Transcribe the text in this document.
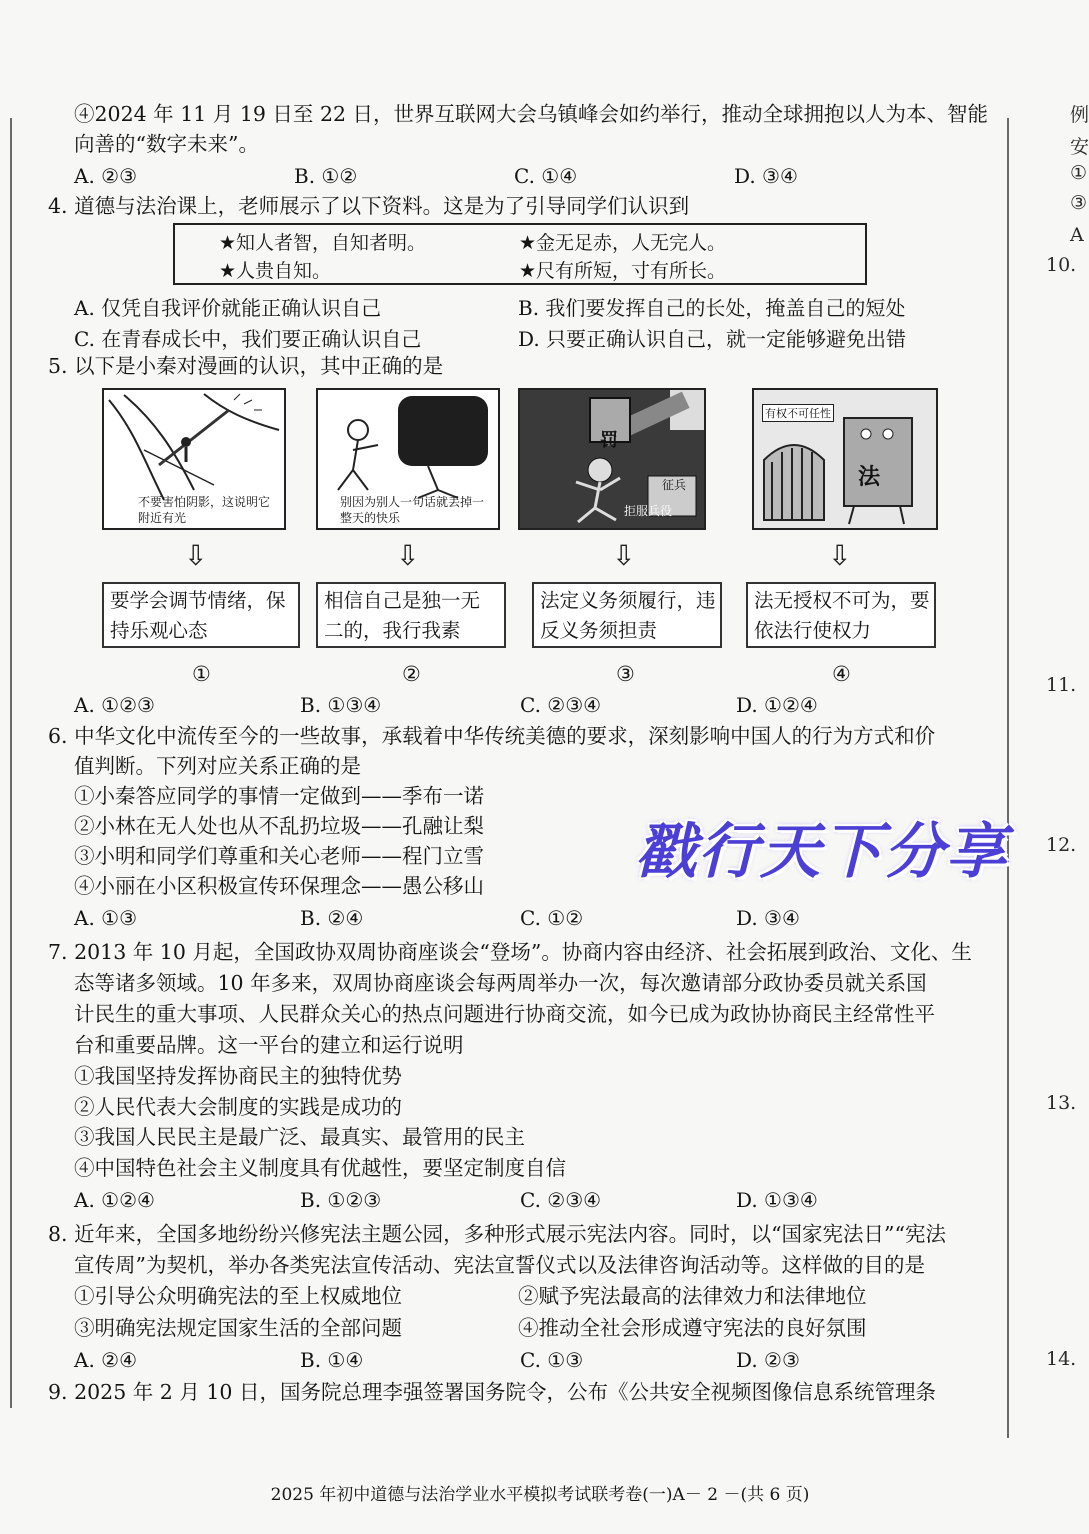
例
安
①
③
A
10.
11.
12.
13.
14.
④2024 年 11 月 19 日至 22 日，世界互联网大会乌镇峰会如约举行，推动全球拥抱以人为本、智能
向善的“数字未来”。
A. ②③	B. ①②	C. ①④	D. ③④
4. 道德与法治课上，老师展示了以下资料。这是为了引导同学们认识到
★知人者智，自知者明。	★金无足赤，人无完人。
★人贵自知。	★尺有所短，寸有所长。
A. 仅凭自我评价就能正确认识自己	B. 我们要发挥自己的长处，掩盖自己的短处
C. 在青春成长中，我们要正确认识自己	D. 只要正确认识自己，就一定能够避免出错
5. 以下是小秦对漫画的认识，其中正确的是
不要害怕阴影，这说明它附近有光
别因为别人一句话就丢掉一整天的快乐
罚
拒服兵役
征兵
有权不可任性
法
⇩	⇩	⇩	⇩
要学会调节情绪，保
持乐观心态
相信自己是独一无
二的，我行我素
法定义务须履行，违
反义务须担责
法无授权不可为，要
依法行使权力
①	②	③	④
A. ①②③	B. ①③④	C. ②③④	D. ①②④
6. 中华文化中流传至今的一些故事，承载着中华传统美德的要求，深刻影响中国人的行为方式和价
值判断。下列对应关系正确的是
①小秦答应同学的事情一定做到——季布一诺
②小林在无人处也从不乱扔垃圾——孔融让梨
③小明和同学们尊重和关心老师——程门立雪
④小丽在小区积极宣传环保理念——愚公移山
A. ①③	B. ②④	C. ①②	D. ③④
7. 2013 年 10 月起，全国政协双周协商座谈会“登场”。协商内容由经济、社会拓展到政治、文化、生
态等诸多领域。10 年多来，双周协商座谈会每两周举办一次，每次邀请部分政协委员就关系国
计民生的重大事项、人民群众关心的热点问题进行协商交流，如今已成为政协协商民主经常性平
台和重要品牌。这一平台的建立和运行说明
①我国坚持发挥协商民主的独特优势
②人民代表大会制度的实践是成功的
③我国人民民主是最广泛、最真实、最管用的民主
④中国特色社会主义制度具有优越性，要坚定制度自信
A. ①②④	B. ①②③	C. ②③④	D. ①③④
8. 近年来，全国多地纷纷兴修宪法主题公园，多种形式展示宪法内容。同时，以“国家宪法日”“宪法
宣传周”为契机，举办各类宪法宣传活动、宪法宣誓仪式以及法律咨询活动等。这样做的目的是
①引导公众明确宪法的至上权威地位	②赋予宪法最高的法律效力和法律地位
③明确宪法规定国家生活的全部问题	④推动全社会形成遵守宪法的良好氛围
A. ②④	B. ①④	C. ①③	D. ②③
9. 2025 年 2 月 10 日，国务院总理李强签署国务院令，公布《公共安全视频图像信息系统管理条
戳行天下分享
2025 年初中道德与法治学业水平模拟考试联考卷(一)A－ 2 －(共 6 页)
